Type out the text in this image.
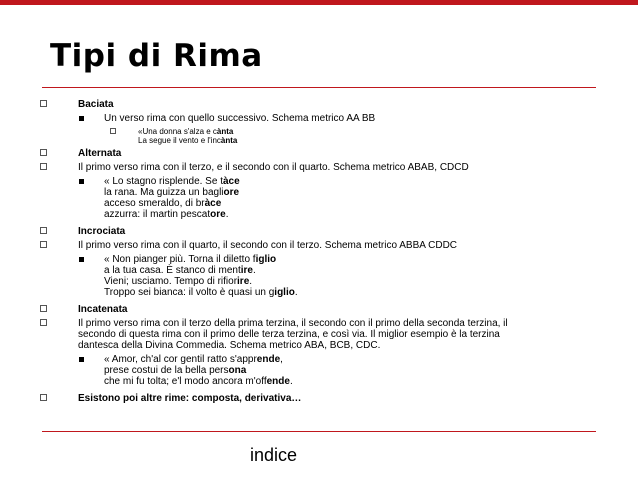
Tipi di Rima
Baciata
Un verso rima con quello successivo. Schema metrico AA BB
«Una donna s'alza e cànta
La segue il vento e l'incànta
Alternata
Il primo verso rima con il terzo, e il secondo con il quarto. Schema metrico ABAB, CDCD
« Lo stagno risplende. Se tàce
la rana. Ma guizza un bagliore
acceso smeraldo, di bràce
azzurra: il martin pescatore.
Incrociata
Il primo verso rima con il quarto, il secondo con il terzo. Schema metrico ABBA CDDC
« Non pianger più. Torna il diletto figlio
a la tua casa. È stanco di mentire.
Vieni; usciamo. Tempo di rifiorire.
Troppo sei bianca: il volto è quasi un giglio.
Incatenata
Il primo verso rima con il terzo della prima terzina, il secondo con il primo della seconda terzina, il
secondo di questa rima con il primo delle terza terzina, e così via. Il miglior esempio è la terzina
dantesca della Divina Commedia. Schema metrico ABA, BCB, CDC.
« Amor, ch'al cor gentil ratto s'apprende,
prese costui de la bella persona
che mi fu tolta; e'l modo ancora m'offende.
Esistono poi altre rime: composta, derivativa…
indice
